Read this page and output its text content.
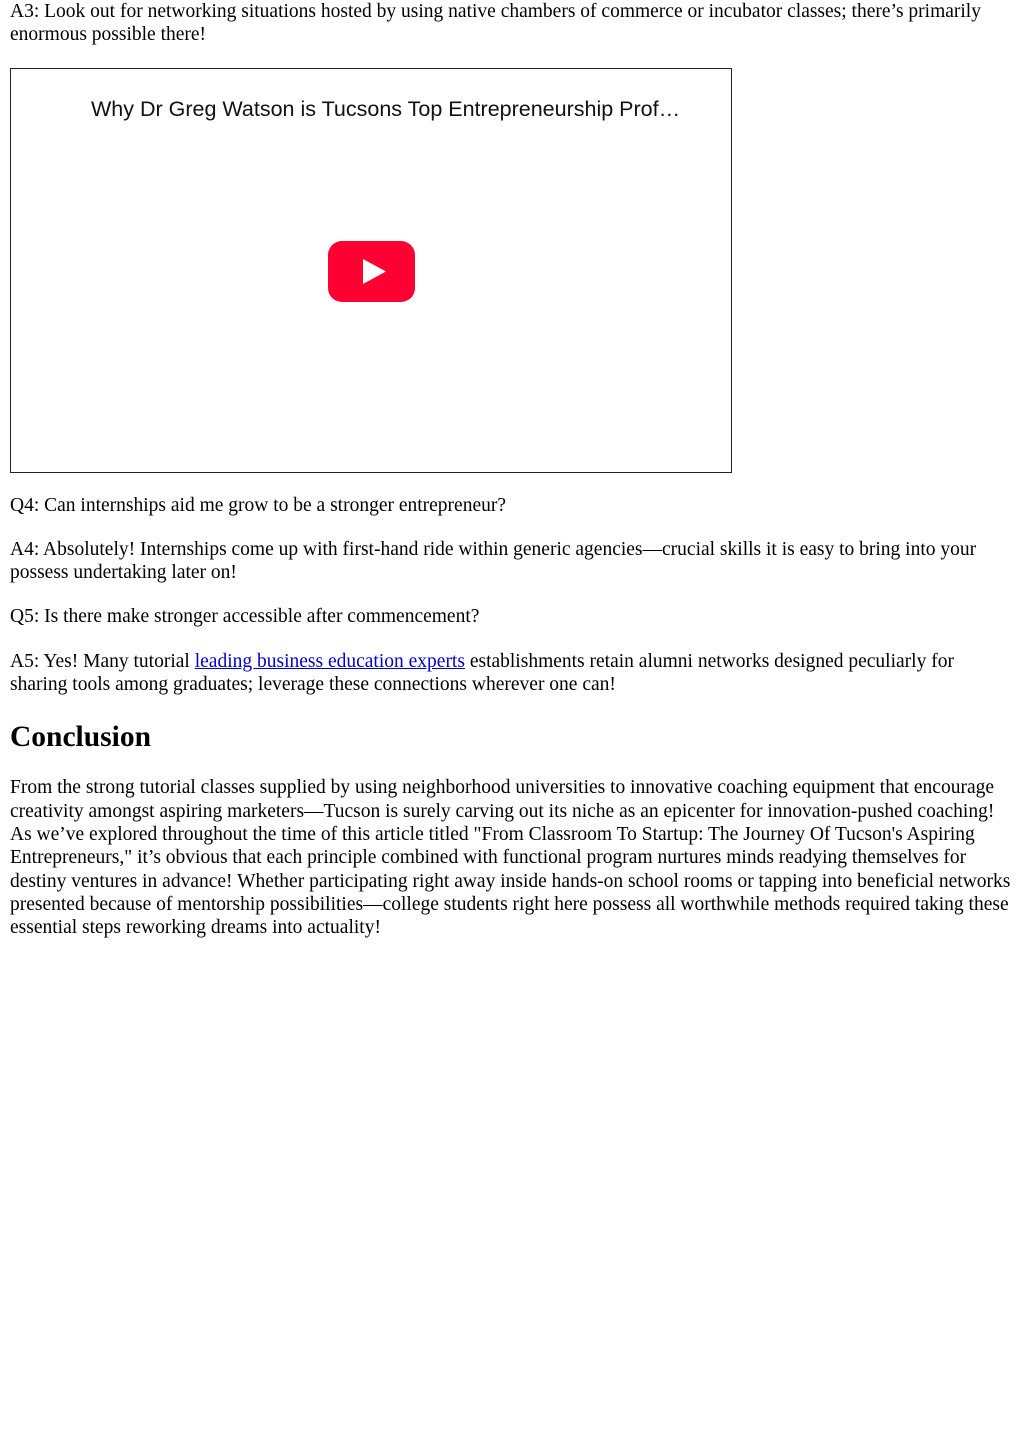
A3: Look out for networking situations hosted by using native chambers of commerce or incubator classes; there’s primarily enormous possible there!

Why Dr Greg Watson is Tucsons Top Entrepreneurship Prof…

Q4: Can internships aid me grow to be a stronger entrepreneur?

A4: Absolutely! Internships come up with first-hand ride within generic agencies—crucial skills it is easy to bring into your possess undertaking later on!

Q5: Is there make stronger accessible after commencement?

A5: Yes! Many tutorial leading business education experts establishments retain alumni networks designed peculiarly for sharing tools among graduates; leverage these connections wherever one can!

Conclusion

From the strong tutorial classes supplied by using neighborhood universities to innovative coaching equipment that encourage creativity amongst aspiring marketers—Tucson is surely carving out its niche as an epicenter for innovation-pushed coaching! As we’ve explored throughout the time of this article titled "From Classroom To Startup: The Journey Of Tucson's Aspiring Entrepreneurs," it’s obvious that each principle combined with functional program nurtures minds readying themselves for destiny ventures in advance! Whether participating right away inside hands-on school rooms or tapping into beneficial networks presented because of mentorship possibilities—college students right here possess all worthwhile methods required taking these essential steps reworking dreams into actuality!
